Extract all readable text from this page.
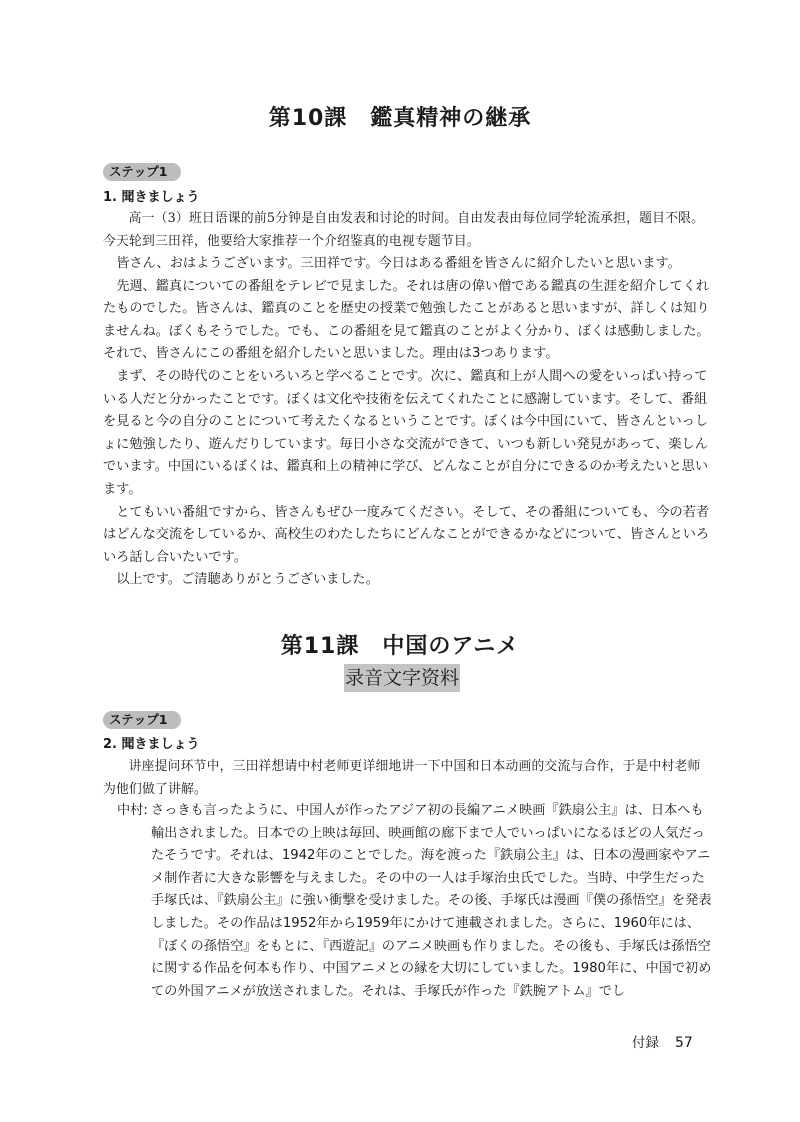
第10課　鑑真精神の継承
ステップ1
1. 聞きましょう

高一（3）班日语课的前5分钟是自由发表和讨论的时间。自由发表由每位同学轮流承担，题目不限。今天轮到三田祥，他要给大家推荐一个介绍鉴真的电视专题节目。

皆さん、おはようございます。三田祥です。今日はある番組を皆さんに紹介したいと思います。

先週、鑑真についての番組をテレビで見ました。それは唐の偉い僧である鑑真の生涯を紹介してくれたものでした。皆さんは、鑑真のことを歴史の授業で勉強したことがあると思いますが、詳しくは知りませんね。ぼくもそうでした。でも、この番組を見て鑑真のことがよく分かり、ぼくは感動しました。それで、皆さんにこの番組を紹介したいと思いました。理由は3つあります。

まず、その時代のことをいろいろと学べることです。次に、鑑真和上が人間への愛をいっぱい持っている人だと分かったことです。ぼくは文化や技術を伝えてくれたことに感謝しています。そして、番組を見ると今の自分のことについて考えたくなるということです。ぼくは今中国にいて、皆さんといっしょに勉強したり、遊んだりしています。毎日小さな交流ができて、いつも新しい発見があって、楽しんでいます。中国にいるぼくは、鑑真和上の精神に学び、どんなことが自分にできるのか考えたいと思います。

とてもいい番組ですから、皆さんもぜひ一度みてください。そして、その番組についても、今の若者はどんな交流をしているか、高校生のわたしたちにどんなことができるかなどについて、皆さんといろいろ話し合いたいです。

以上です。ご清聴ありがとうございました。

第11課　中国のアニメ
录音文字资料
ステップ1
2. 聞きましょう

讲座提问环节中，三田祥想请中村老师更详细地讲一下中国和日本动画的交流与合作，于是中村老师为他们做了讲解。

中村: さっきも言ったように、中国人が作ったアジア初の長編アニメ映画『鉄扇公主』は、日本へも輸出されました。日本での上映は毎回、映画館の廊下まで人でいっぱいになるほどの人気だったそうです。それは、1942年のことでした。海を渡った『鉄扇公主』は、日本の漫画家やアニメ制作者に大きな影響を与えました。その中の一人は手塚治虫氏でした。当時、中学生だった手塚氏は、『鉄扇公主』に強い衝撃を受けました。その後、手塚氏は漫画『僕の孫悟空』を発表しました。その作品は1952年から1959年にかけて連載されました。さらに、1960年には、『ぼくの孫悟空』をもとに、『西遊記』のアニメ映画も作りました。その後も、手塚氏は孫悟空に関する作品を何本も作り、中国アニメとの縁を大切にしていました。1980年に、中国で初めての外国アニメが放送されました。それは、手塚氏が作った『鉄腕アトム』でし

付録 57
